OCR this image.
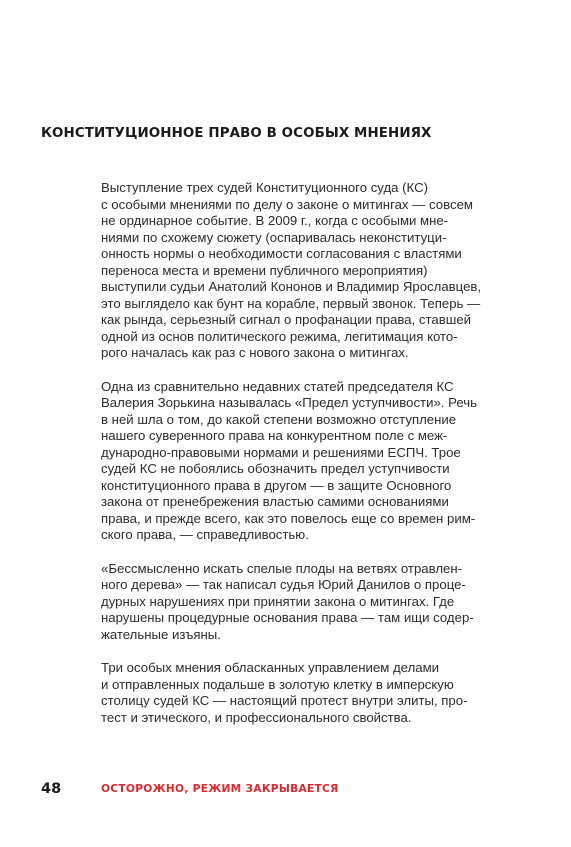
КОНСТИТУЦИОННОЕ ПРАВО В ОСОБЫХ МНЕНИЯХ
Выступление трех судей Конституционного суда (КС)
с особыми мнениями по делу о законе о митингах — совсем
не ординарное событие. В 2009 г., когда с особыми мне-
ниями по схожему сюжету (оспаривалась неконституци-
онность нормы о необходимости согласования с властями
переноса места и времени публичного мероприятия)
выступили судьи Анатолий Кононов и Владимир Ярославцев,
это выглядело как бунт на корабле, первый звонок. Теперь —
как рында, серьезный сигнал о профанации права, ставшей
одной из основ политического режима, легитимация кото-
рого началась как раз с нового закона о митингах.
Одна из сравнительно недавних статей председателя КС
Валерия Зорькина называлась «Предел уступчивости». Речь
в ней шла о том, до какой степени возможно отступление
нашего суверенного права на конкурентном поле с меж-
дународно-правовыми нормами и решениями ЕСПЧ. Трое
судей КС не побоялись обозначить предел уступчивости
конституционного права в другом — в защите Основного
закона от пренебрежения властью самими основаниями
права, и прежде всего, как это повелось еще со времен рим-
ского права, — справедливостью.
«Бессмысленно искать спелые плоды на ветвях отравлен-
ного дерева» — так написал судья Юрий Данилов о проце-
дурных нарушениях при принятии закона о митингах. Где
нарушены процедурные основания права — там ищи содер-
жательные изъяны.
Три особых мнения обласканных управлением делами
и отправленных подальше в золотую клетку в имперскую
столицу судей КС — настоящий протест внутри элиты, про-
тест и этического, и профессионального свойства.
48	ОСТОРОЖНО, РЕЖИМ ЗАКРЫВАЕТСЯ
